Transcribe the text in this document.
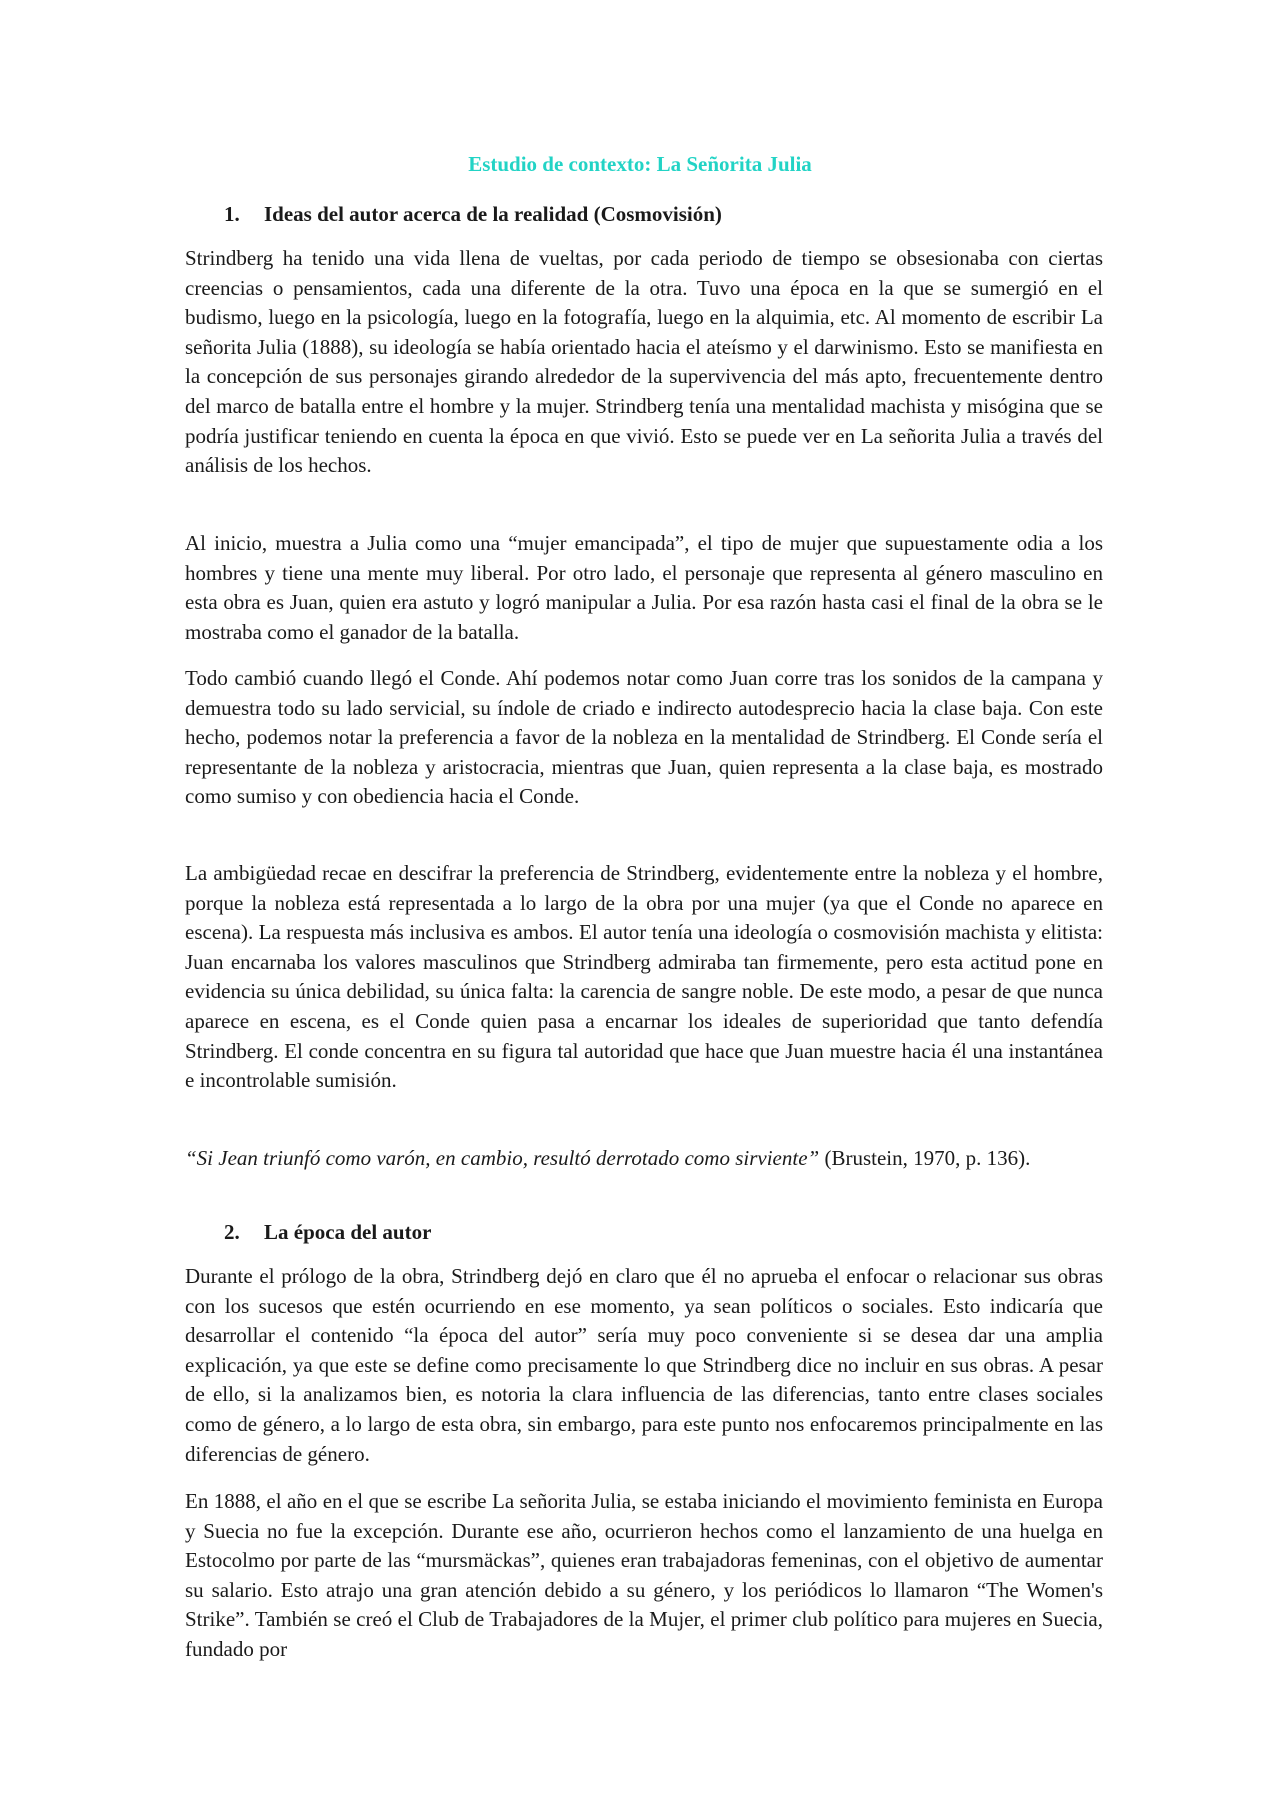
Estudio de contexto: La Señorita Julia
1. Ideas del autor acerca de la realidad (Cosmovisión)

Strindberg ha tenido una vida llena de vueltas, por cada periodo de tiempo se obsesionaba con ciertas creencias o pensamientos, cada una diferente de la otra. Tuvo una época en la que se sumergió en el budismo, luego en la psicología, luego en la fotografía, luego en la alquimia, etc. Al momento de escribir La señorita Julia (1888), su ideología se había orientado hacia el ateísmo y el darwinismo. Esto se manifiesta en la concepción de sus personajes girando alrededor de la supervivencia del más apto, frecuentemente dentro del marco de batalla entre el hombre y la mujer. Strindberg tenía una mentalidad machista y misógina que se podría justificar teniendo en cuenta la época en que vivió. Esto se puede ver en La señorita Julia a través del análisis de los hechos.

Al inicio, muestra a Julia como una “mujer emancipada”, el tipo de mujer que supuestamente odia a los hombres y tiene una mente muy liberal. Por otro lado, el personaje que representa al género masculino en esta obra es Juan, quien era astuto y logró manipular a Julia. Por esa razón hasta casi el final de la obra se le mostraba como el ganador de la batalla.

Todo cambió cuando llegó el Conde. Ahí podemos notar como Juan corre tras los sonidos de la campana y demuestra todo su lado servicial, su índole de criado e indirecto autodesprecio hacia la clase baja. Con este hecho, podemos notar la preferencia a favor de la nobleza en la mentalidad de Strindberg. El Conde sería el representante de la nobleza y aristocracia, mientras que Juan, quien representa a la clase baja, es mostrado como sumiso y con obediencia hacia el Conde.

La ambigüedad recae en descifrar la preferencia de Strindberg, evidentemente entre la nobleza y el hombre, porque la nobleza está representada a lo largo de la obra por una mujer (ya que el Conde no aparece en escena). La respuesta más inclusiva es ambos. El autor tenía una ideología o cosmovisión machista y elitista: Juan encarnaba los valores masculinos que Strindberg admiraba tan firmemente, pero esta actitud pone en evidencia su única debilidad, su única falta: la carencia de sangre noble. De este modo, a pesar de que nunca aparece en escena, es el Conde quien pasa a encarnar los ideales de superioridad que tanto defendía Strindberg. El conde concentra en su figura tal autoridad que hace que Juan muestre hacia él una instantánea e incontrolable sumisión.

“Si Jean triunfó como varón, en cambio, resultó derrotado como sirviente” (Brustein, 1970, p. 136).

2. La época del autor

Durante el prólogo de la obra, Strindberg dejó en claro que él no aprueba el enfocar o relacionar sus obras con los sucesos que estén ocurriendo en ese momento, ya sean políticos o sociales. Esto indicaría que desarrollar el contenido “la época del autor” sería muy poco conveniente si se desea dar una amplia explicación, ya que este se define como precisamente lo que Strindberg dice no incluir en sus obras. A pesar de ello, si la analizamos bien, es notoria la clara influencia de las diferencias, tanto entre clases sociales como de género, a lo largo de esta obra, sin embargo, para este punto nos enfocaremos principalmente en las diferencias de género.

En 1888, el año en el que se escribe La señorita Julia, se estaba iniciando el movimiento feminista en Europa y Suecia no fue la excepción. Durante ese año, ocurrieron hechos como el lanzamiento de una huelga en Estocolmo por parte de las “mursmäckas”, quienes eran trabajadoras femeninas, con el objetivo de aumentar su salario. Esto atrajo una gran atención debido a su género, y los periódicos lo llamaron “The Women's Strike”. También se creó el Club de Trabajadores de la Mujer, el primer club político para mujeres en Suecia, fundado por
